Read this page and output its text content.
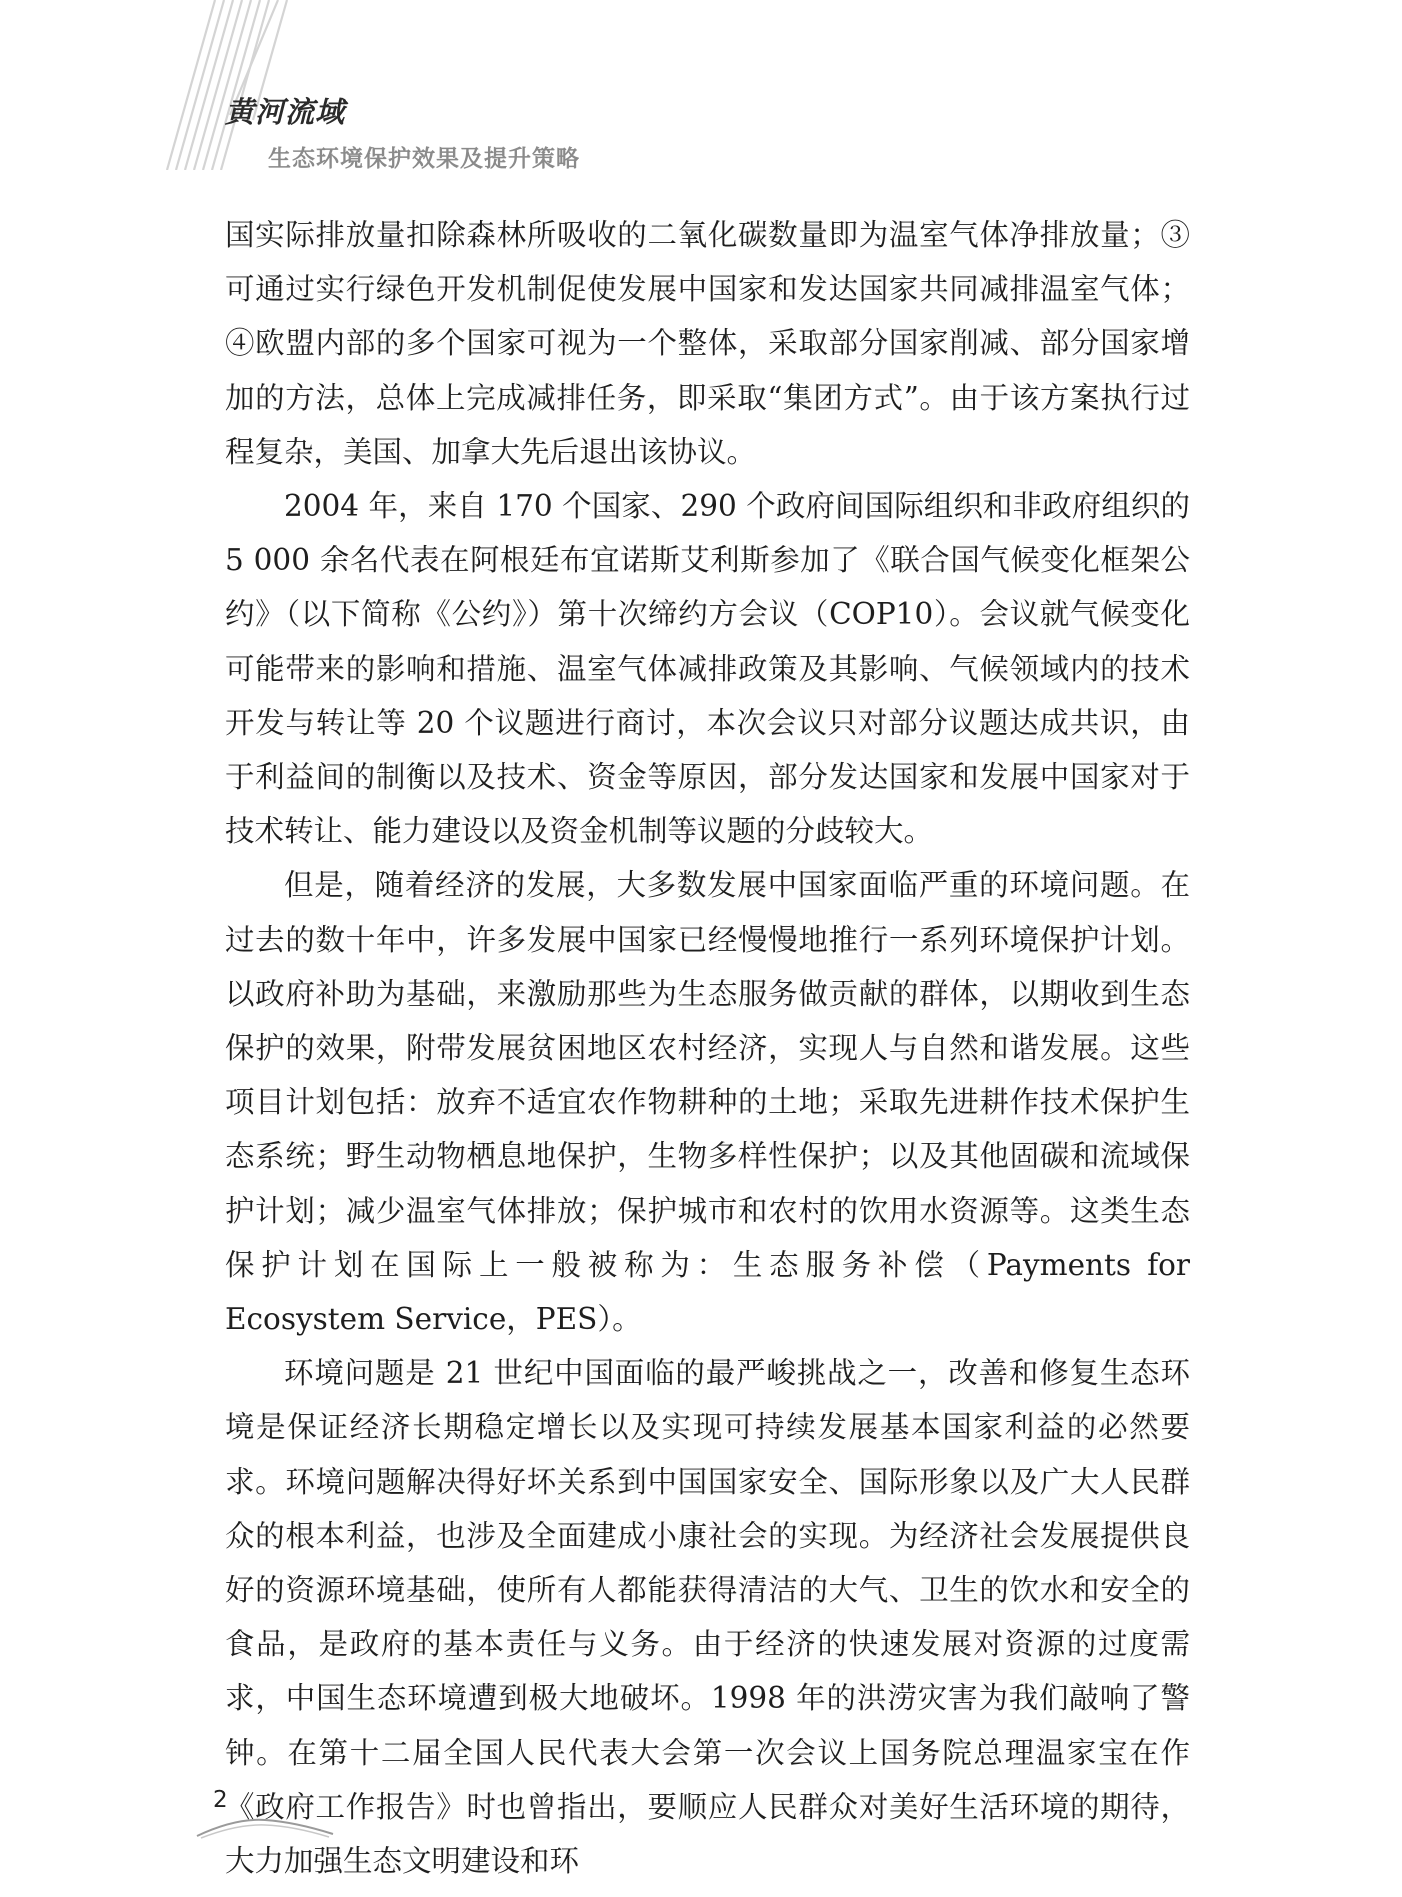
黄河流域
生态环境保护效果及提升策略

国实际排放量扣除森林所吸收的二氧化碳数量即为温室气体净排放量；③可通过实行绿色开发机制促使发展中国家和发达国家共同减排温室气体；④欧盟内部的多个国家可视为一个整体，采取部分国家削减、部分国家增加的方法，总体上完成减排任务，即采取“集团方式”。由于该方案执行过程复杂，美国、加拿大先后退出该协议。

2004 年，来自 170 个国家、290 个政府间国际组织和非政府组织的 5 000 余名代表在阿根廷布宜诺斯艾利斯参加了《联合国气候变化框架公约》（以下简称《公约》）第十次缔约方会议（COP10）。会议就气候变化可能带来的影响和措施、温室气体减排政策及其影响、气候领域内的技术开发与转让等 20 个议题进行商讨，本次会议只对部分议题达成共识，由于利益间的制衡以及技术、资金等原因，部分发达国家和发展中国家对于技术转让、能力建设以及资金机制等议题的分歧较大。

但是，随着经济的发展，大多数发展中国家面临严重的环境问题。在过去的数十年中，许多发展中国家已经慢慢地推行一系列环境保护计划。以政府补助为基础，来激励那些为生态服务做贡献的群体，以期收到生态保护的效果，附带发展贫困地区农村经济，实现人与自然和谐发展。这些项目计划包括：放弃不适宜农作物耕种的土地；采取先进耕作技术保护生态系统；野生动物栖息地保护，生物多样性保护；以及其他固碳和流域保护计划；减少温室气体排放；保护城市和农村的饮用水资源等。这类生态保护计划在国际上一般被称为：生态服务补偿（Payments for Ecosystem Service，PES）。

环境问题是 21 世纪中国面临的最严峻挑战之一，改善和修复生态环境是保证经济长期稳定增长以及实现可持续发展基本国家利益的必然要求。环境问题解决得好坏关系到中国国家安全、国际形象以及广大人民群众的根本利益，也涉及全面建成小康社会的实现。为经济社会发展提供良好的资源环境基础，使所有人都能获得清洁的大气、卫生的饮水和安全的食品，是政府的基本责任与义务。由于经济的快速发展对资源的过度需求，中国生态环境遭到极大地破坏。1998 年的洪涝灾害为我们敲响了警钟。在第十二届全国人民代表大会第一次会议上国务院总理温家宝在作《政府工作报告》时也曾指出，要顺应人民群众对美好生活环境的期待，大力加强生态文明建设和环

2
